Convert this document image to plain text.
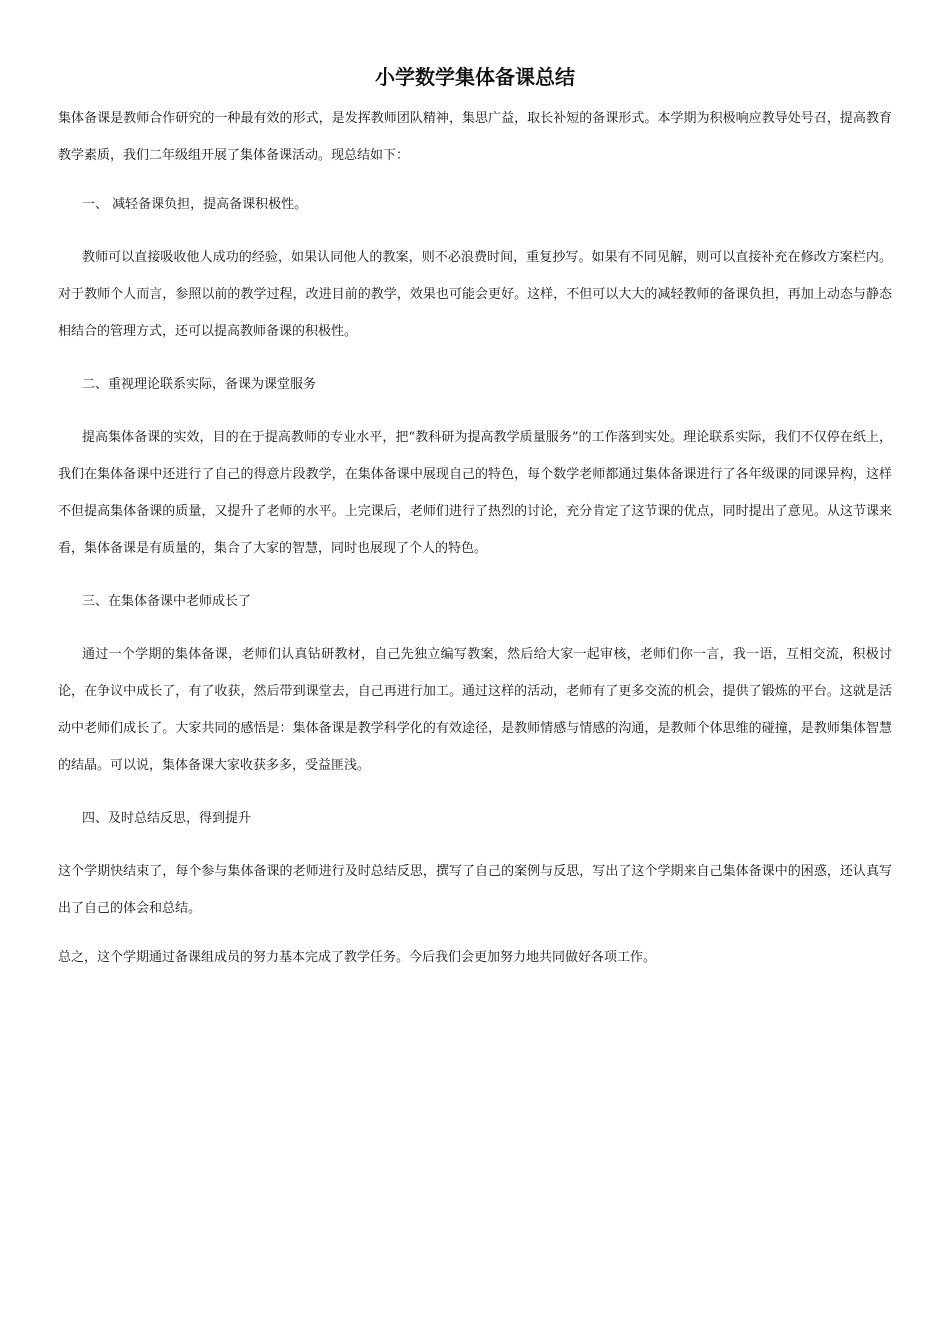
小学数学集体备课总结

集体备课是教师合作研究的一种最有效的形式，是发挥教师团队精神，集思广益，取长补短的备课形式。本学期为积极响应教导处号召，提高教育教学素质，我们二年级组开展了集体备课活动。现总结如下：

一、 减轻备课负担，提高备课积极性。

教师可以直接吸收他人成功的经验，如果认同他人的教案，则不必浪费时间，重复抄写。如果有不同见解，则可以直接补充在修改方案栏内。对于教师个人而言，参照以前的教学过程，改进目前的教学，效果也可能会更好。这样，不但可以大大的减轻教师的备课负担，再加上动态与静态相结合的管理方式，还可以提高教师备课的积极性。

二、重视理论联系实际，备课为课堂服务

提高集体备课的实效，目的在于提高教师的专业水平，把“教科研为提高教学质量服务”的工作落到实处。理论联系实际，我们不仅停在纸上，我们在集体备课中还进行了自己的得意片段教学，在集体备课中展现自己的特色，每个数学老师都通过集体备课进行了各年级课的同课异构，这样不但提高集体备课的质量，又提升了老师的水平。上完课后，老师们进行了热烈的讨论，充分肯定了这节课的优点，同时提出了意见。从这节课来看，集体备课是有质量的，集合了大家的智慧，同时也展现了个人的特色。

三、在集体备课中老师成长了

通过一个学期的集体备课，老师们认真钻研教材，自己先独立编写教案，然后给大家一起审核，老师们你一言，我一语，互相交流，积极讨论，在争议中成长了，有了收获，然后带到课堂去，自己再进行加工。通过这样的活动，老师有了更多交流的机会，提供了锻炼的平台。这就是活动中老师们成长了。大家共同的感悟是：集体备课是教学科学化的有效途径，是教师情感与情感的沟通，是教师个体思维的碰撞，是教师集体智慧的结晶。可以说，集体备课大家收获多多，受益匪浅。

四、及时总结反思，得到提升

这个学期快结束了，每个参与集体备课的老师进行及时总结反思，撰写了自己的案例与反思，写出了这个学期来自己集体备课中的困惑，还认真写出了自己的体会和总结。

总之，这个学期通过备课组成员的努力基本完成了教学任务。今后我们会更加努力地共同做好各项工作。
